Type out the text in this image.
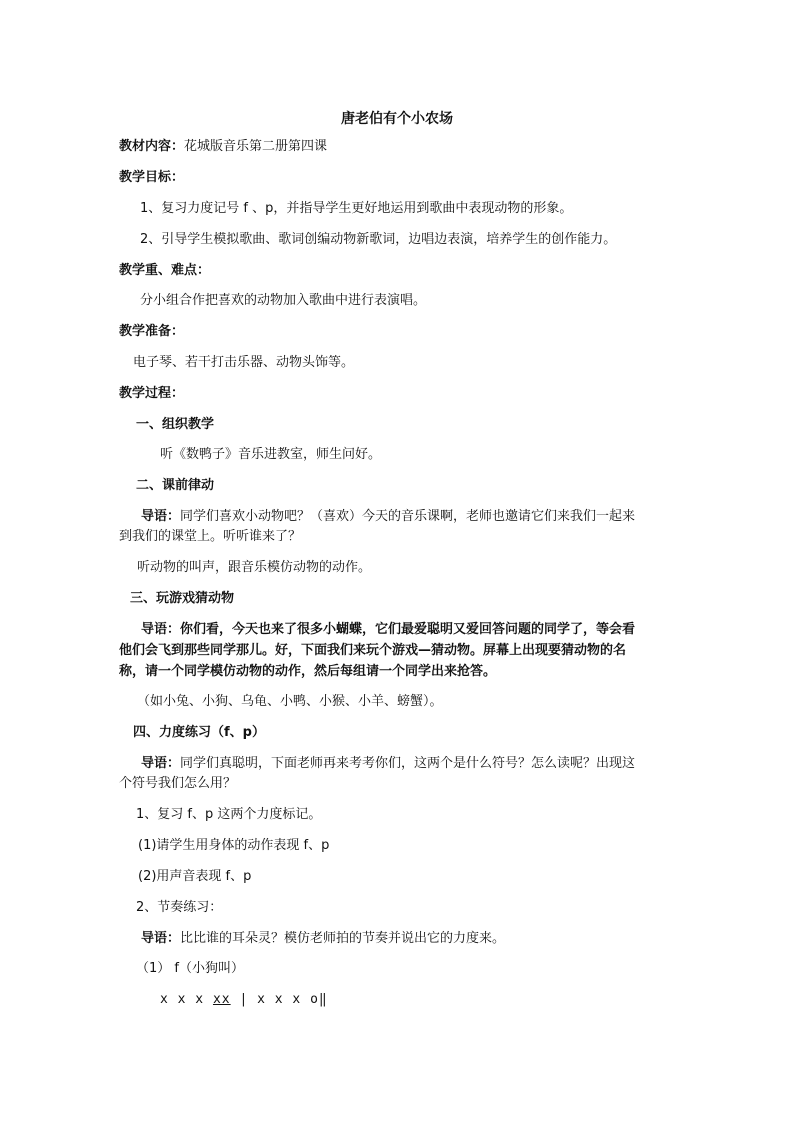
唐老伯有个小农场
教材内容：花城版音乐第二册第四课
教学目标：
1、复习力度记号 f 、p，并指导学生更好地运用到歌曲中表现动物的形象。
2、引导学生模拟歌曲、歌词创编动物新歌词，边唱边表演，培养学生的创作能力。
教学重、难点：
分小组合作把喜欢的动物加入歌曲中进行表演唱。
教学准备：
电子琴、若干打击乐器、动物头饰等。
教学过程：
一、组织教学
听《数鸭子》音乐进教室，师生问好。
二、课前律动
导语：同学们喜欢小动物吧？（喜欢）今天的音乐课啊，老师也邀请它们来我们一起来
到我们的课堂上。听听谁来了？
听动物的叫声，跟音乐模仿动物的动作。
三、玩游戏猜动物
导语：你们看，今天也来了很多小蝴蝶，它们最爱聪明又爱回答问题的同学了，等会看
他们会飞到那些同学那儿。好，下面我们来玩个游戏—猜动物。屏幕上出现要猜动物的名
称，请一个同学模仿动物的动作，然后每组请一个同学出来抢答。
（如小兔、小狗、乌龟、小鸭、小猴、小羊、螃蟹）。
四、力度练习（f、p）
导语：同学们真聪明，下面老师再来考考你们，这两个是什么符号？怎么读呢？出现这
个符号我们怎么用？
1、复习 f、p 这两个力度标记。
(1)请学生用身体的动作表现 f、p
(2)用声音表现 f、p
2、节奏练习：
导语：比比谁的耳朵灵？模仿老师拍的节奏并说出它的力度来。
（1） f（小狗叫）
x x x xx | x x x o‖
